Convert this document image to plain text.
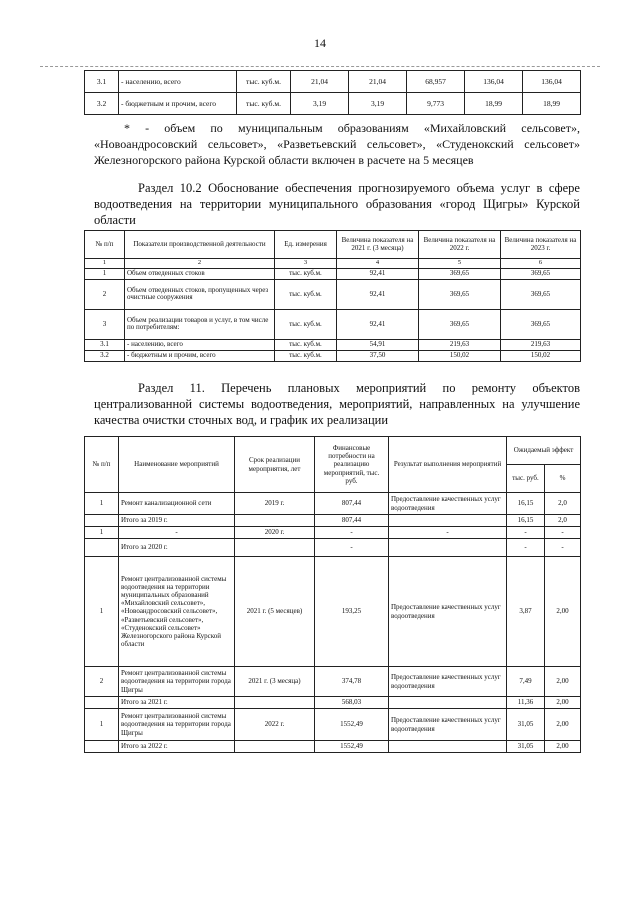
14
3.1	- населению, всего	тыс. куб.м.	21,04	21,04	68,957	136,04	136,04
3.2	- бюджетным и прочим, всего	тыс. куб.м.	3,19	3,19	9,773	18,99	18,99

* - объем по муниципальным образованиям «Михайловский сельсовет», «Новоандросовский сельсовет», «Разветьевский сельсовет», «Студенокский сельсовет» Железногорского района Курской области включен в расчете на 5 месяцев

Раздел 10.2 Обоснование обеспечения прогнозируемого объема услуг в сфере водоотведения на территории муниципального образования «город Щигры» Курской области

№ п/п	Показатели производственной деятельности	Ед. измерения	Величина показателя на 2021 г. (3 месяца)	Величина показателя на 2022 г.	Величина показателя на 2023 г.
1	2	3	4	5	6
1	Объем отведенных стоков	тыс. куб.м.	92,41	369,65	369,65
2	Объем отведенных стоков, пропущенных через очистные сооружения	тыс. куб.м.	92,41	369,65	369,65
3	Объем реализации товаров и услуг, в том числе по потребителям:	тыс. куб.м.	92,41	369,65	369,65
3.1	- населению, всего	тыс. куб.м.	54,91	219,63	219,63
3.2	- бюджетным и прочим, всего	тыс. куб.м.	37,50	150,02	150,02

Раздел 11. Перечень плановых мероприятий по ремонту объектов централизованной системы водоотведения, мероприятий, направленных на улучшение качества очистки сточных вод, и график их реализации

№ п/п	Наименование мероприятий	Срок реализации мероприятия, лет	Финансовые потребности на реализацию мероприятий, тыс. руб.	Результат выполнения мероприятий	Ожидаемый эффект	
					тыс. руб.	%
1	Ремонт канализационной сети	2019 г.	807,44	Предоставление качественных услуг водоотведения	16,15	2,0
	Итого за 2019 г.		807,44		16,15	2,0
1	-	2020 г.	-	-	-	-
	Итого за 2020 г.		-		-	-
1	Ремонт централизованной системы водоотведения на территории муниципальных образований «Михайловский сельсовет», «Новоандросовский сельсовет», «Разветьевский сельсовет», «Студенокский сельсовет» Железногорского района Курской области	2021 г. (5 месяцев)	193,25	Предоставление качественных услуг водоотведения	3,87	2,00
2	Ремонт централизованной системы водоотведения на территории города Щигры	2021 г. (3 месяца)	374,78	Предоставление качественных услуг водоотведения	7,49	2,00
	Итого за 2021 г.		568,03		11,36	2,00
1	Ремонт централизованной системы водоотведения на территории города Щигры	2022 г.	1552,49	Предоставление качественных услуг водоотведения	31,05	2,00
	Итого за 2022 г.		1552,49		31,05	2,00
